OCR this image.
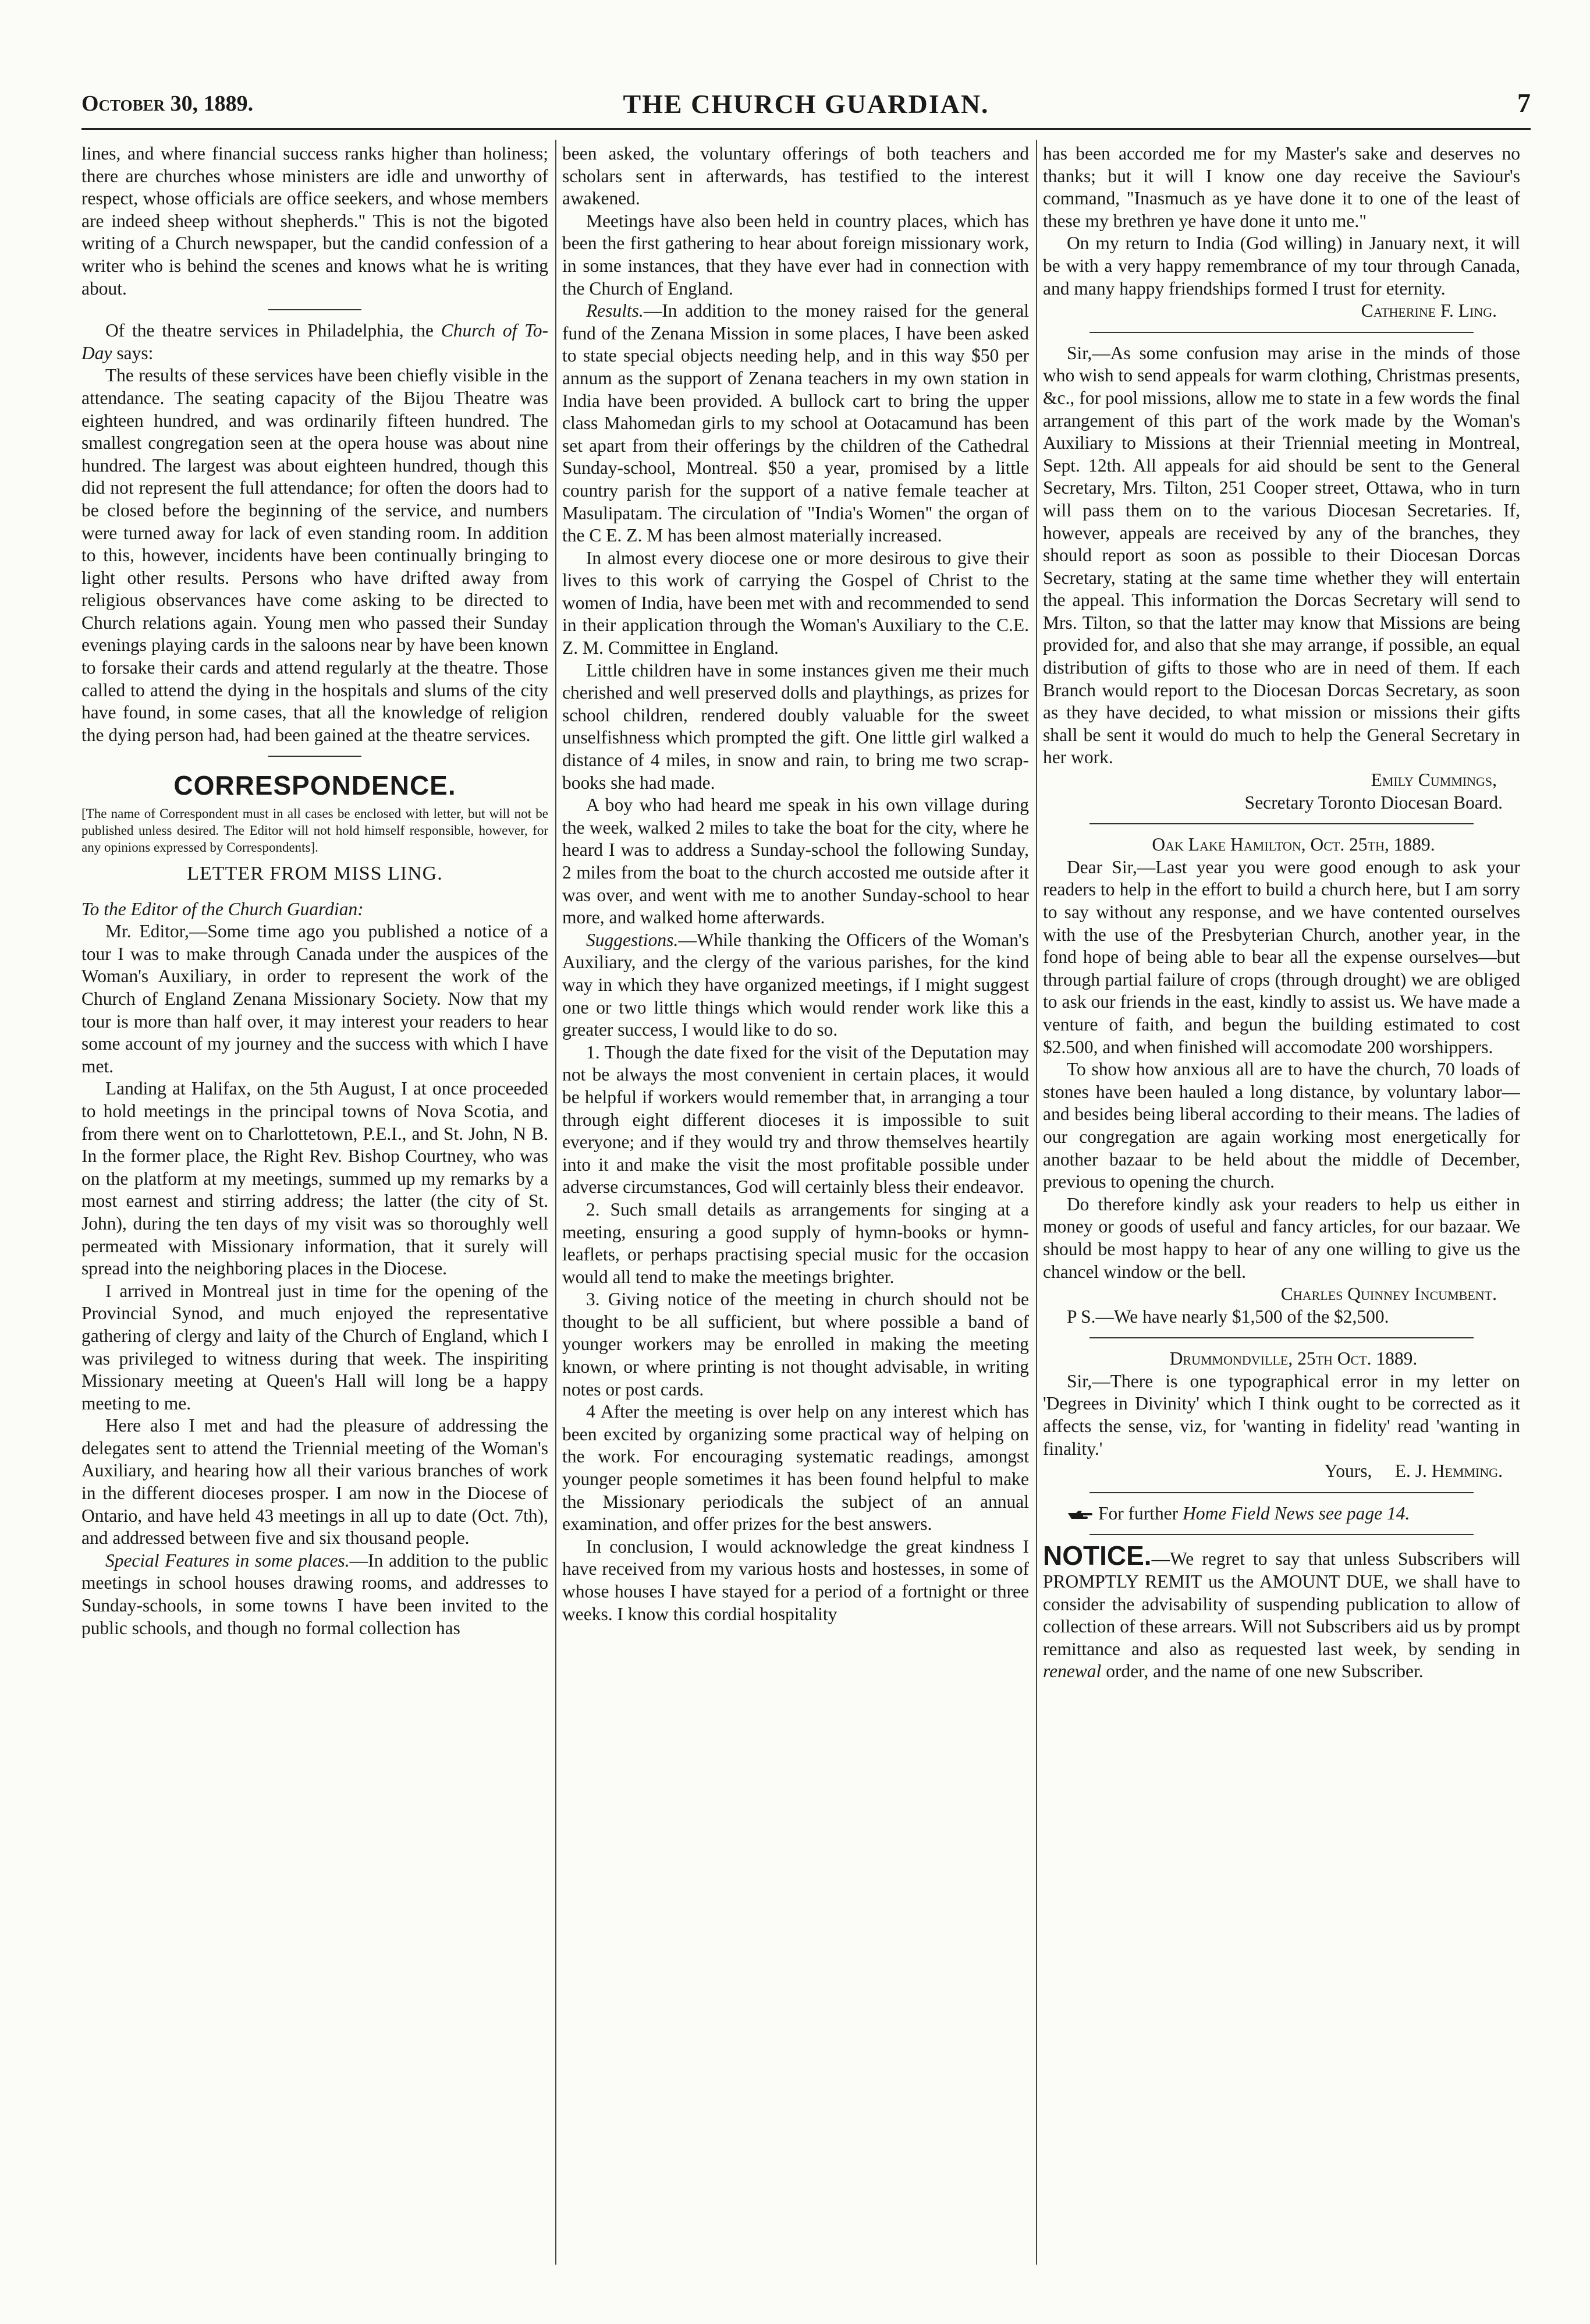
October 30, 1889.	THE CHURCH GUARDIAN.	7

lines, and where financial success ranks higher than holiness; there are churches whose ministers are idle and unworthy of respect, whose officials are office seekers, and whose members are indeed sheep without shepherds." This is not the bigoted writing of a Church newspaper, but the candid confession of a writer who is behind the scenes and knows what he is writing about.

Of the theatre services in Philadelphia, the Church of To-Day says:

The results of these services have been chiefly visible in the attendance. The seating capacity of the Bijou Theatre was eighteen hundred, and was ordinarily fifteen hundred. The smallest congregation seen at the opera house was about nine hundred. The largest was about eighteen hundred, though this did not represent the full attendance; for often the doors had to be closed before the beginning of the service, and numbers were turned away for lack of even standing room. In addition to this, however, incidents have been continually bringing to light other results. Persons who have drifted away from religious observances have come asking to be directed to Church relations again. Young men who passed their Sunday evenings playing cards in the saloons near by have been known to forsake their cards and attend regularly at the theatre. Those called to attend the dying in the hospitals and slums of the city have found, in some cases, that all the knowledge of religion the dying person had, had been gained at the theatre services.

CORRESPONDENCE.

[The name of Correspondent must in all cases be enclosed with letter, but will not be published unless desired. The Editor will not hold himself responsible, however, for any opinions expressed by Correspondents].

LETTER FROM MISS LING.

To the Editor of the Church Guardian:

Mr. Editor,—Some time ago you published a notice of a tour I was to make through Canada under the auspices of the Woman's Auxiliary, in order to represent the work of the Church of England Zenana Missionary Society. Now that my tour is more than half over, it may interest your readers to hear some account of my journey and the success with which I have met.

Landing at Halifax, on the 5th August, I at once proceeded to hold meetings in the principal towns of Nova Scotia, and from there went on to Charlottetown, P.E.I., and St. John, N B. In the former place, the Right Rev. Bishop Courtney, who was on the platform at my meetings, summed up my remarks by a most earnest and stirring address; the latter (the city of St. John), during the ten days of my visit was so thoroughly well permeated with Missionary information, that it surely will spread into the neighboring places in the Diocese.

I arrived in Montreal just in time for the opening of the Provincial Synod, and much enjoyed the representative gathering of clergy and laity of the Church of England, which I was privileged to witness during that week. The inspiriting Missionary meeting at Queen's Hall will long be a happy meeting to me.

Here also I met and had the pleasure of addressing the delegates sent to attend the Triennial meeting of the Woman's Auxiliary, and hearing how all their various branches of work in the different dioceses prosper. I am now in the Diocese of Ontario, and have held 43 meetings in all up to date (Oct. 7th), and addressed between five and six thousand people.

Special Features in some places.—In addition to the public meetings in school houses drawing rooms, and addresses to Sunday-schools, in some towns I have been invited to the public schools, and though no formal collection has

been asked, the voluntary offerings of both teachers and scholars sent in afterwards, has testified to the interest awakened.

Meetings have also been held in country places, which has been the first gathering to hear about foreign missionary work, in some instances, that they have ever had in connection with the Church of England.

Results.—In addition to the money raised for the general fund of the Zenana Mission in some places, I have been asked to state special objects needing help, and in this way $50 per annum as the support of Zenana teachers in my own station in India have been provided. A bullock cart to bring the upper class Mahomedan girls to my school at Ootacamund has been set apart from their offerings by the children of the Cathedral Sunday-school, Montreal. $50 a year, promised by a little country parish for the support of a native female teacher at Masulipatam. The circulation of "India's Women" the organ of the C E. Z. M has been almost materially increased.

In almost every diocese one or more desirous to give their lives to this work of carrying the Gospel of Christ to the women of India, have been met with and recommended to send in their application through the Woman's Auxiliary to the C.E. Z. M. Committee in England.

Little children have in some instances given me their much cherished and well preserved dolls and playthings, as prizes for school children, rendered doubly valuable for the sweet unselfishness which prompted the gift. One little girl walked a distance of 4 miles, in snow and rain, to bring me two scrap-books she had made.

A boy who had heard me speak in his own village during the week, walked 2 miles to take the boat for the city, where he heard I was to address a Sunday-school the following Sunday, 2 miles from the boat to the church accosted me outside after it was over, and went with me to another Sunday-school to hear more, and walked home afterwards.

Suggestions.—While thanking the Officers of the Woman's Auxiliary, and the clergy of the various parishes, for the kind way in which they have organized meetings, if I might suggest one or two little things which would render work like this a greater success, I would like to do so.

1. Though the date fixed for the visit of the Deputation may not be always the most convenient in certain places, it would be helpful if workers would remember that, in arranging a tour through eight different dioceses it is impossible to suit everyone; and if they would try and throw themselves heartily into it and make the visit the most profitable possible under adverse circumstances, God will certainly bless their endeavor.

2. Such small details as arrangements for singing at a meeting, ensuring a good supply of hymn-books or hymn-leaflets, or perhaps practising special music for the occasion would all tend to make the meetings brighter.

3. Giving notice of the meeting in church should not be thought to be all sufficient, but where possible a band of younger workers may be enrolled in making the meeting known, or where printing is not thought advisable, in writing notes or post cards.

4 After the meeting is over help on any interest which has been excited by organizing some practical way of helping on the work. For encouraging systematic readings, amongst younger people sometimes it has been found helpful to make the Missionary periodicals the subject of an annual examination, and offer prizes for the best answers.

In conclusion, I would acknowledge the great kindness I have received from my various hosts and hostesses, in some of whose houses I have stayed for a period of a fortnight or three weeks. I know this cordial hospitality

has been accorded me for my Master's sake and deserves no thanks; but it will I know one day receive the Saviour's command, "Inasmuch as ye have done it to one of the least of these my brethren ye have done it unto me."

On my return to India (God willing) in January next, it will be with a very happy remembrance of my tour through Canada, and many happy friendships formed I trust for eternity.

Catherine F. Ling.

Sir,—As some confusion may arise in the minds of those who wish to send appeals for warm clothing, Christmas presents, &c., for pool missions, allow me to state in a few words the final arrangement of this part of the work made by the Woman's Auxiliary to Missions at their Triennial meeting in Montreal, Sept. 12th. All appeals for aid should be sent to the General Secretary, Mrs. Tilton, 251 Cooper street, Ottawa, who in turn will pass them on to the various Diocesan Secretaries. If, however, appeals are received by any of the branches, they should report as soon as possible to their Diocesan Dorcas Secretary, stating at the same time whether they will entertain the appeal. This information the Dorcas Secretary will send to Mrs. Tilton, so that the latter may know that Missions are being provided for, and also that she may arrange, if possible, an equal distribution of gifts to those who are in need of them. If each Branch would report to the Diocesan Dorcas Secretary, as soon as they have decided, to what mission or missions their gifts shall be sent it would do much to help the General Secretary in her work.

Emily Cummings,

Secretary Toronto Diocesan Board.

Oak Lake Hamilton, Oct. 25th, 1889.

Dear Sir,—Last year you were good enough to ask your readers to help in the effort to build a church here, but I am sorry to say without any response, and we have contented ourselves with the use of the Presbyterian Church, another year, in the fond hope of being able to bear all the expense ourselves—but through partial failure of crops (through drought) we are obliged to ask our friends in the east, kindly to assist us. We have made a venture of faith, and begun the building estimated to cost $2.500, and when finished will accomodate 200 worshippers.

To show how anxious all are to have the church, 70 loads of stones have been hauled a long distance, by voluntary labor—and besides being liberal according to their means. The ladies of our congregation are again working most energetically for another bazaar to be held about the middle of December, previous to opening the church.

Do therefore kindly ask your readers to help us either in money or goods of useful and fancy articles, for our bazaar. We should be most happy to hear of any one willing to give us the chancel window or the bell.

Charles Quinney Incumbent.

P S.—We have nearly $1,500 of the $2,500.

Drummondville, 25th Oct. 1889.

Sir,—There is one typographical error in my letter on 'Degrees in Divinity' which I think ought to be corrected as it affects the sense, viz, for 'wanting in fidelity' read 'wanting in finality.'

Yours, E. J. Hemming.

For further Home Field News see page 14.

NOTICE.—We regret to say that unless Subscribers will PROMPTLY REMIT us the AMOUNT DUE, we shall have to consider the advisability of suspending publication to allow of collection of these arrears. Will not Subscribers aid us by prompt remittance and also as requested last week, by sending in renewal order, and the name of one new Subscriber.
